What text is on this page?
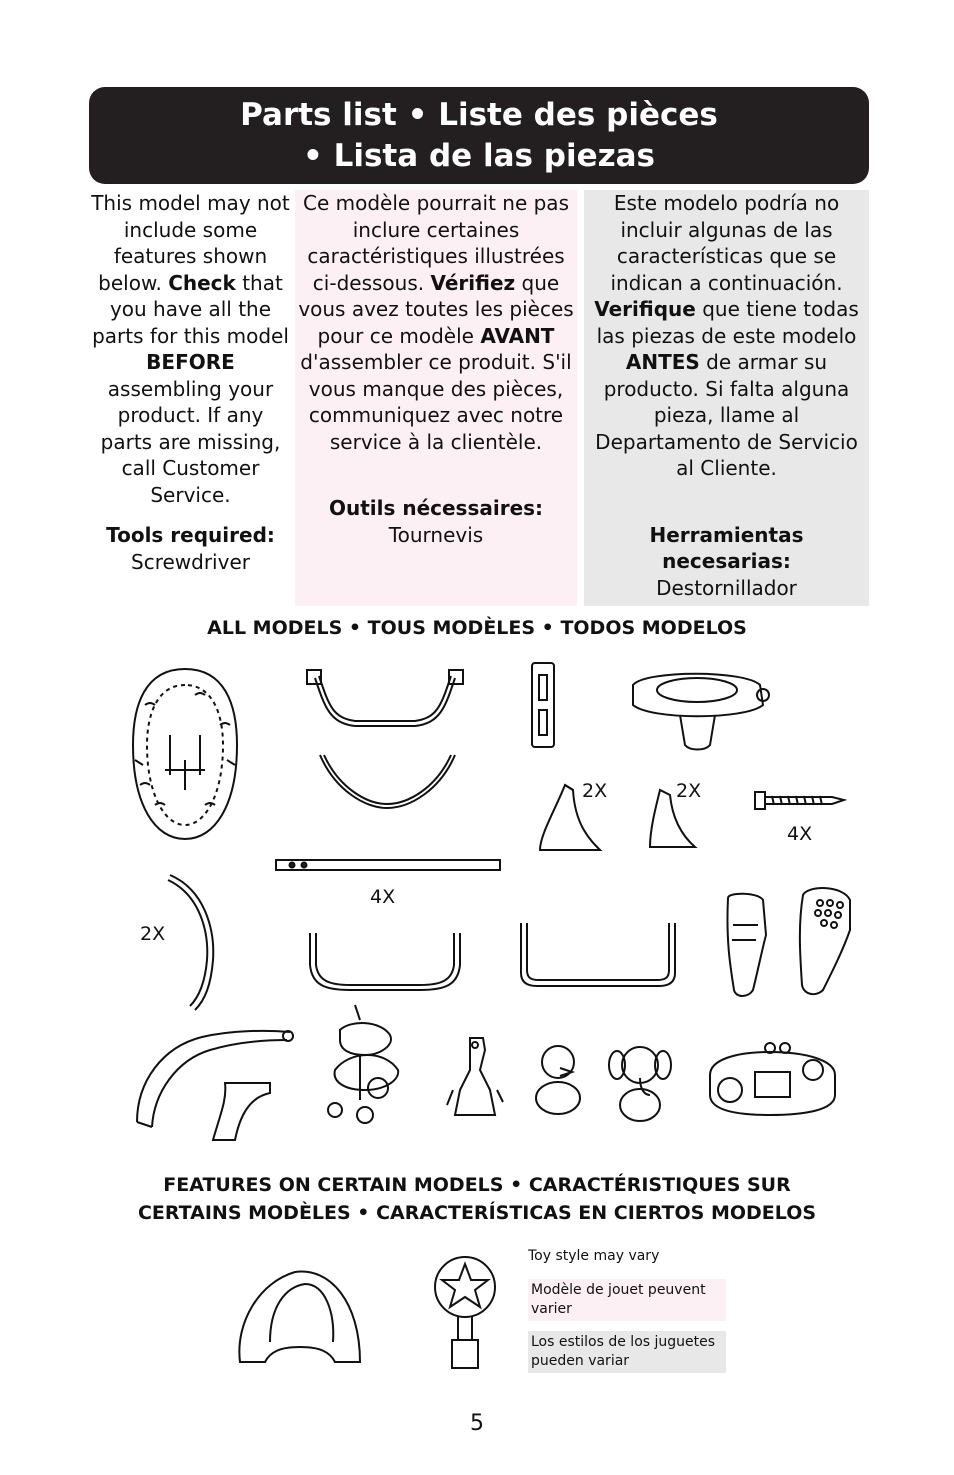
Parts list • Liste des pièces
• Lista de las piezas

This model may not include some features shown below. Check that you have all the parts for this model BEFORE assembling your product. If any parts are missing, call Customer Service.

Tools required:
Screwdriver

Ce modèle pourrait ne pas inclure certaines caractéristiques illustrées ci-dessous. Vérifiez que vous avez toutes les pièces pour ce modèle AVANT d'assembler ce produit. S'il vous manque des pièces, communiquez avec notre service à la clientèle.

Outils nécessaires:
Tournevis

Este modelo podría no incluir algunas de las características que se indican a continuación. Verifique que tiene todas las piezas de este modelo ANTES de armar su producto. Si falta alguna pieza, llame al Departamento de Servicio al Cliente.

Herramientas necesarias:
Destornillador

ALL MODELS • TOUS MODÈLES • TODOS MODELOS
2X	2X
4X
4X
2X
FEATURES ON CERTAIN MODELS • CARACTÉRISTIQUES SUR
CERTAINS MODÈLES • CARACTERÍSTICAS EN CIERTOS MODELOS
Toy style may vary
Modèle de jouet peuvent varier
Los estilos de los juguetes pueden variar
5
